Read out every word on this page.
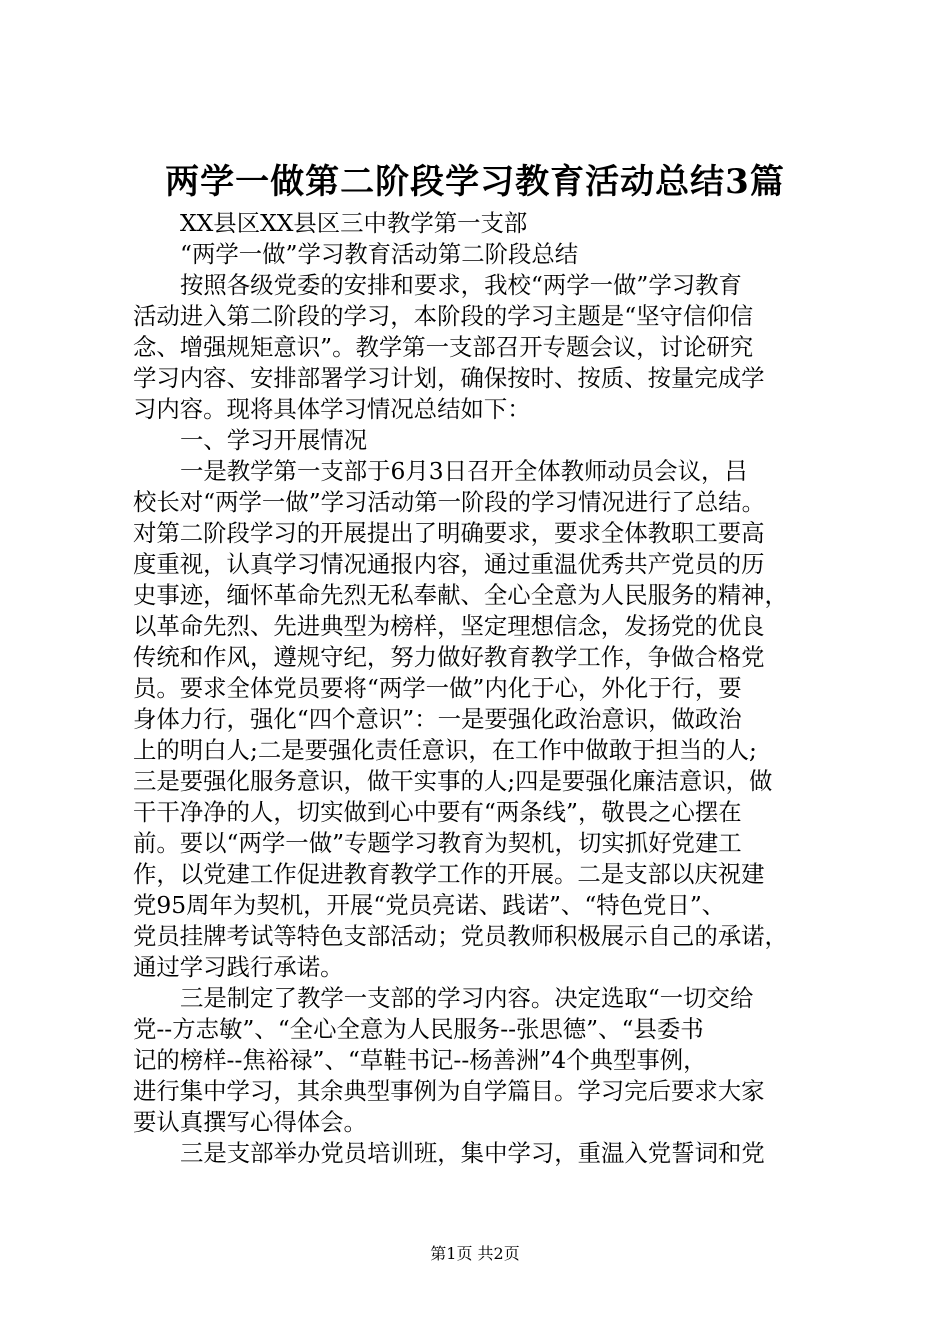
两学一做第二阶段学习教育活动总结3篇
XX县区XX县区三中教学第一支部
“两学一做”学习教育活动第二阶段总结
按照各级党委的安排和要求，我校“两学一做”学习教育
活动进入第二阶段的学习，本阶段的学习主题是“坚守信仰信
念、增强规矩意识”。教学第一支部召开专题会议，讨论研究
学习内容、安排部署学习计划，确保按时、按质、按量完成学
习内容。现将具体学习情况总结如下：
一、学习开展情况
一是教学第一支部于6月3日召开全体教师动员会议，吕
校长对“两学一做”学习活动第一阶段的学习情况进行了总结。
对第二阶段学习的开展提出了明确要求，要求全体教职工要高
度重视，认真学习情况通报内容，通过重温优秀共产党员的历
史事迹，缅怀革命先烈无私奉献、全心全意为人民服务的精神，
以革命先烈、先进典型为榜样，坚定理想信念，发扬党的优良
传统和作风，遵规守纪，努力做好教育教学工作，争做合格党
员。要求全体党员要将“两学一做”内化于心，外化于行，要
身体力行，强化“四个意识”：一是要强化政治意识，做政治
上的明白人;二是要强化责任意识，在工作中做敢于担当的人;
三是要强化服务意识，做干实事的人;四是要强化廉洁意识，做
干干净净的人，切实做到心中要有“两条线”，敬畏之心摆在
前。要以“两学一做”专题学习教育为契机，切实抓好党建工
作，以党建工作促进教育教学工作的开展。二是支部以庆祝建
党95周年为契机，开展“党员亮诺、践诺”、“特色党日”、
党员挂牌考试等特色支部活动；党员教师积极展示自己的承诺，
通过学习践行承诺。
三是制定了教学一支部的学习内容。决定选取“一切交给
党--方志敏”、“全心全意为人民服务--张思德”、“县委书
记的榜样--焦裕禄”、“草鞋书记--杨善洲”4个典型事例，
进行集中学习，其余典型事例为自学篇目。学习完后要求大家
要认真撰写心得体会。
三是支部举办党员培训班，集中学习，重温入党誓词和党
第1页 共2页
